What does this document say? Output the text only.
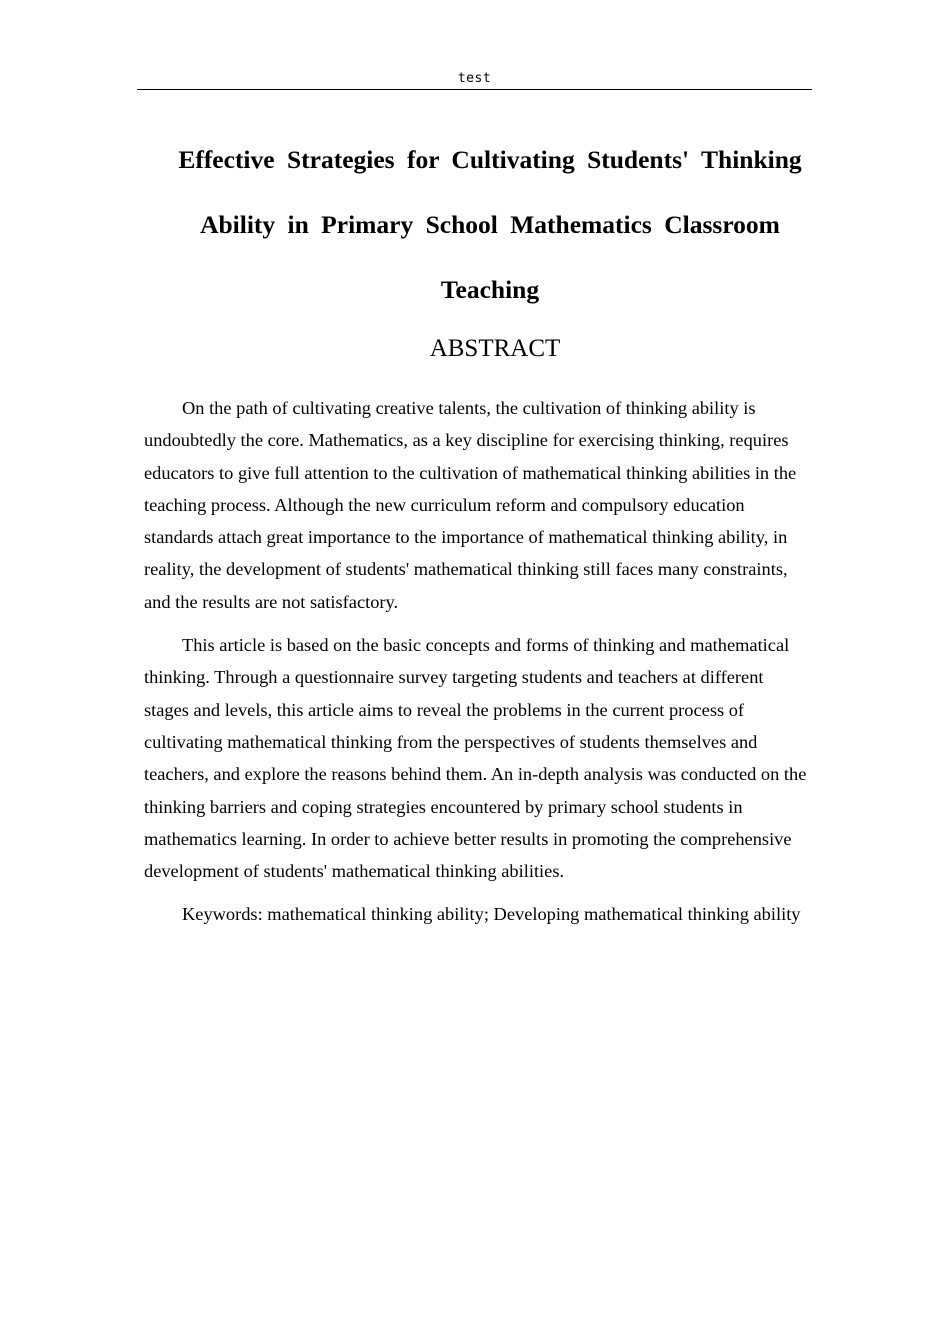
test
Effective Strategies for Cultivating Students' Thinking
Ability in Primary School Mathematics Classroom
Teaching
ABSTRACT

On the path of cultivating creative talents, the cultivation of thinking ability is undoubtedly the core. Mathematics, as a key discipline for exercising thinking, requires educators to give full attention to the cultivation of mathematical thinking abilities in the teaching process. Although the new curriculum reform and compulsory education standards attach great importance to the importance of mathematical thinking ability, in reality, the development of students' mathematical thinking still faces many constraints, and the results are not satisfactory.

This article is based on the basic concepts and forms of thinking and mathematical thinking. Through a questionnaire survey targeting students and teachers at different stages and levels, this article aims to reveal the problems in the current process of cultivating mathematical thinking from the perspectives of students themselves and teachers, and explore the reasons behind them. An in-depth analysis was conducted on the thinking barriers and coping strategies encountered by primary school students in mathematics learning. In order to achieve better results in promoting the comprehensive development of students' mathematical thinking abilities.

Keywords: mathematical thinking ability; Developing mathematical thinking ability
